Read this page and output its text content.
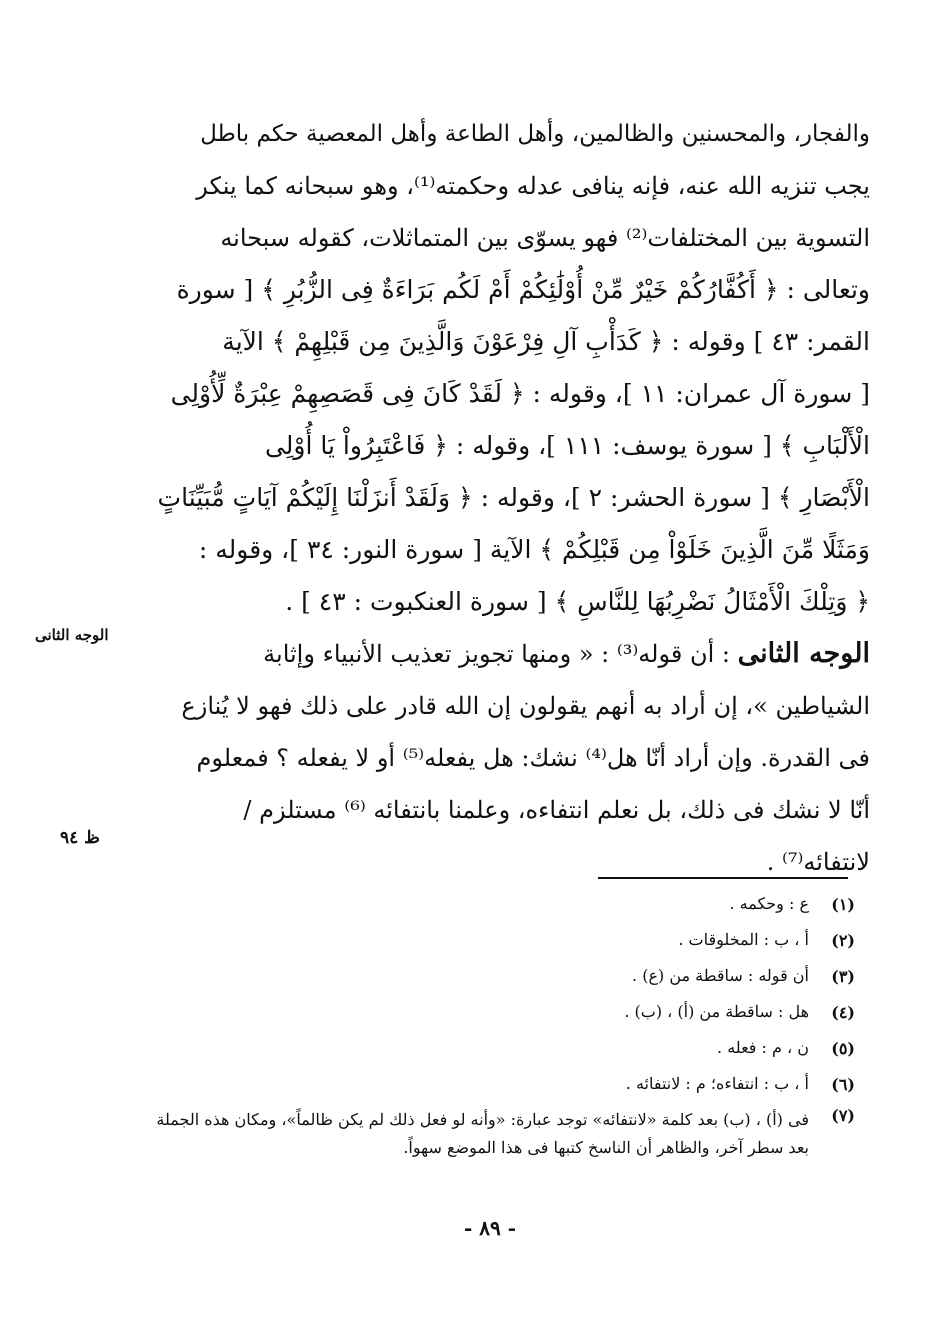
والفجار، والمحسنين والظالمين، وأهل الطاعة وأهل المعصية حكم باطل
يجب تنزيه الله عنه، فإنه ينافى عدله وحكمته⁽¹⁾، وهو سبحانه كما ينكر
التسوية بين المختلفات⁽²⁾ فهو يسوّى بين المتماثلات، كقوله سبحانه
وتعالى : ﴿ أَكُفَّارُكُمْ خَيْرٌ مِّنْ أُوْلَٰئِكُمْ أَمْ لَكُم بَرَاءَةٌ فِى الزُّبُرِ ﴾ [ سورة
القمر: ٤٣ ] وقوله : ﴿ كَدَأْبِ آلِ فِرْعَوْنَ وَالَّذِينَ مِن قَبْلِهِمْ ﴾ الآية
[ سورة آل عمران: ١١ ]، وقوله : ﴿ لَقَدْ كَانَ فِى قَصَصِهِمْ عِبْرَةٌ لِّأُوْلِى
الْأَلْبَابِ ﴾ [ سورة يوسف: ١١١ ]، وقوله : ﴿ فَاعْتَبِرُواْ يَا أُوْلِى
الْأَبْصَارِ ﴾ [ سورة الحشر: ٢ ]، وقوله : ﴿ وَلَقَدْ أَنزَلْنَا إِلَيْكُمْ آيَاتٍ مُّبَيِّنَاتٍ
وَمَثَلًا مِّنَ الَّذِينَ خَلَوْاْ مِن قَبْلِكُمْ ﴾ الآية [ سورة النور: ٣٤ ]، وقوله :
﴿ وَتِلْكَ الْأَمْثَالُ نَضْرِبُهَا لِلنَّاسِ ﴾ [ سورة العنكبوت : ٤٣ ] .
الوجه الثانى : أن قوله⁽³⁾ : « ومنها تجويز تعذيب الأنبياء وإثابة
الشياطين »، إن أراد به أنهم يقولون إن الله قادر على ذلك فهو لا يُنازع
فى القدرة. وإن أراد أنّا هل⁽⁴⁾ نشك: هل يفعله⁽⁵⁾ أو لا يفعله ؟ فمعلوم
أنّا لا نشك فى ذلك، بل نعلم انتفاءه، وعلمنا بانتفائه ⁽⁶⁾ مستلزم /
لانتفائه⁽⁷⁾ .
الوجه الثانى
ظ ٩٤
(١)
ع : وحكمه .
(٢)
أ ، ب : المخلوقات .
(٣)
أن قوله : ساقطة من (ع) .
(٤)
هل : ساقطة من (أ) ، (ب) .
(٥)
ن ، م : فعله .
(٦)
أ ، ب : انتفاءه؛ م : لانتفائه .
(٧)
فى (أ) ، (ب) بعد كلمة «لانتفائه» توجد عبارة: «وأنه لو فعل ذلك لم يكن ظالماً»، ومكان هذه الجملة بعد سطر آخر، والظاهر أن الناسخ كتبها فى هذا الموضع سهواً.
- ٨٩ -
